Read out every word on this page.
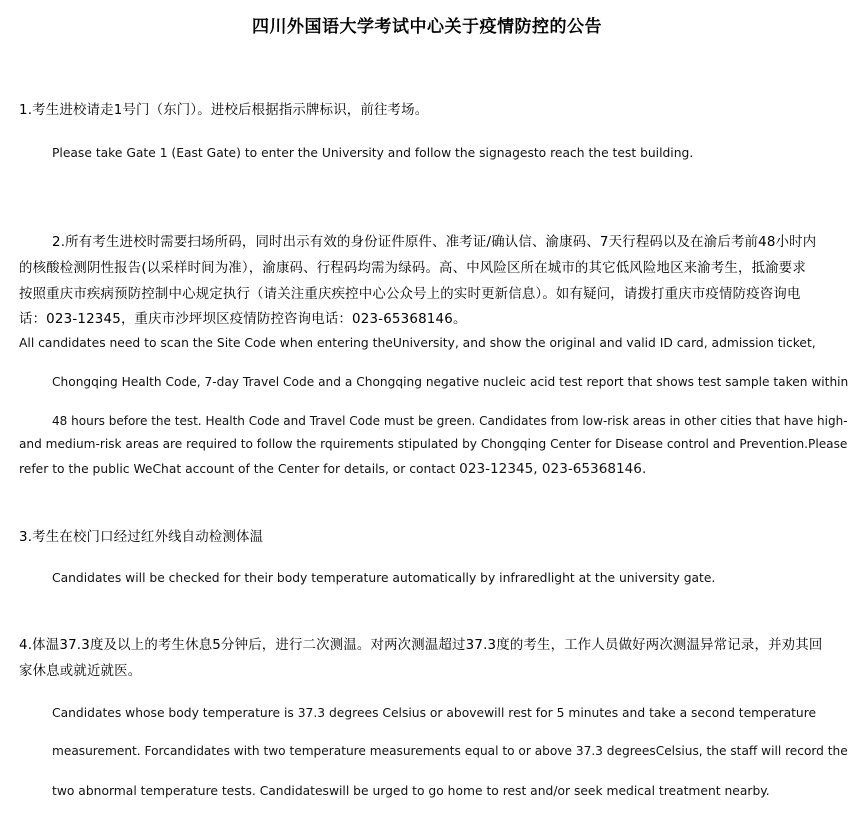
四川外国语大学考试中心关于疫情防控的公告
1.考生进校请走1号门（东门）。进校后根据指示牌标识，前往考场。
Please take Gate 1 (East Gate) to enter the University and follow the signagesto reach the test building.
2.所有考生进校时需要扫场所码，同时出示有效的身份证件原件、准考证/确认信、渝康码、7天行程码以及在渝后考前48小时内
的核酸检测阴性报告(以采样时间为准），渝康码、行程码均需为绿码。高、中风险区所在城市的其它低风险地区来渝考生，抵渝要求
按照重庆市疾病预防控制中心规定执行（请关注重庆疾控中心公众号上的实时更新信息）。如有疑问，请拨打重庆市疫情防疫咨询电
话：023-12345，重庆市沙坪坝区疫情防控咨询电话：023-65368146。
All candidates need to scan the Site Code when entering theUniversity, and show the original and valid ID card, admission ticket,
Chongqing Health Code, 7-day Travel Code and a Chongqing negative nucleic acid test report that shows test sample taken within
48 hours before the test. Health Code and Travel Code must be green. Candidates from low-risk areas in other cities that have high-
and medium-risk areas are required to follow the rquirements stipulated by Chongqing Center for Disease control and Prevention.Please
refer to the public WeChat account of the Center for details, or contact 023-12345, 023-65368146.
3.考生在校门口经过红外线自动检测体温
Candidates will be checked for their body temperature automatically by infraredlight at the university gate.
4.体温37.3度及以上的考生休息5分钟后，进行二次测温。对两次测温超过37.3度的考生，工作人员做好两次测温异常记录，并劝其回
家休息或就近就医。
Candidates whose body temperature is 37.3 degrees Celsius or abovewill rest for 5 minutes and take a second temperature
measurement. Forcandidates with two temperature measurements equal to or above 37.3 degreesCelsius, the staff will record the
two abnormal temperature tests. Candidateswill be urged to go home to rest and/or seek medical treatment nearby.
